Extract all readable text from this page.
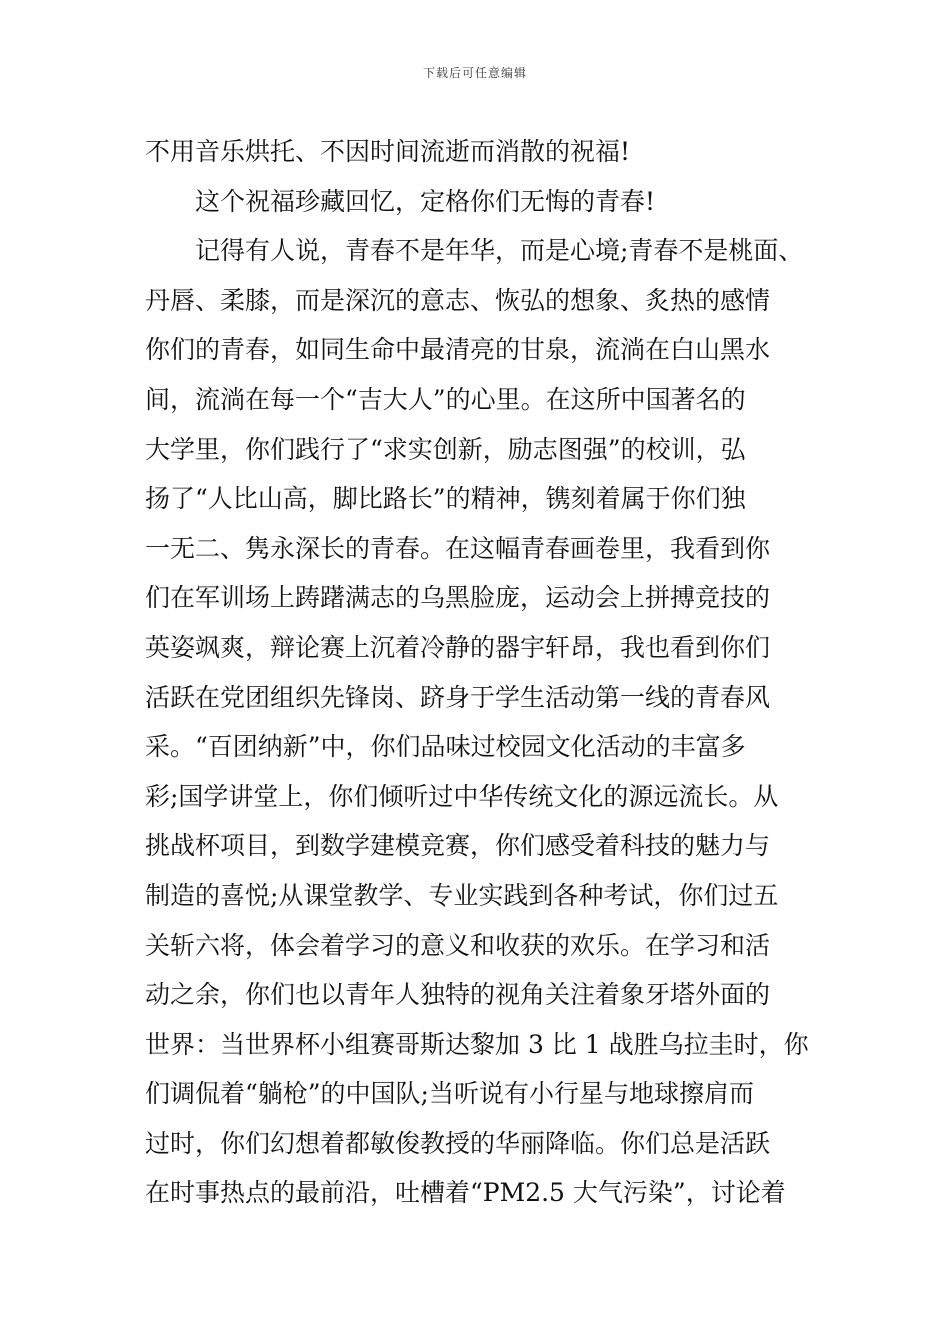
下载后可任意编辑
不用音乐烘托、不因时间流逝而消散的祝福!
这个祝福珍藏回忆，定格你们无悔的青春!
记得有人说，青春不是年华，而是心境;青春不是桃面、
丹唇、柔膝，而是深沉的意志、恢弘的想象、炙热的感情
你们的青春，如同生命中最清亮的甘泉，流淌在白山黑水
间，流淌在每一个“吉大人”的心里。在这所中国著名的
大学里，你们践行了“求实创新，励志图强”的校训，弘
扬了“人比山高，脚比路长”的精神，镌刻着属于你们独
一无二、隽永深长的青春。在这幅青春画卷里，我看到你
们在军训场上踌躇满志的乌黑脸庞，运动会上拼搏竞技的
英姿飒爽，辩论赛上沉着冷静的器宇轩昂，我也看到你们
活跃在党团组织先锋岗、跻身于学生活动第一线的青春风
采。“百团纳新”中，你们品味过校园文化活动的丰富多
彩;国学讲堂上，你们倾听过中华传统文化的源远流长。从
挑战杯项目，到数学建模竞赛，你们感受着科技的魅力与
制造的喜悦;从课堂教学、专业实践到各种考试，你们过五
关斩六将，体会着学习的意义和收获的欢乐。在学习和活
动之余，你们也以青年人独特的视角关注着象牙塔外面的
世界：当世界杯小组赛哥斯达黎加 3 比 1 战胜乌拉圭时，你
们调侃着“躺枪”的中国队;当听说有小行星与地球擦肩而
过时，你们幻想着都敏俊教授的华丽降临。你们总是活跃
在时事热点的最前沿，吐槽着“PM2.5 大气污染”，讨论着
